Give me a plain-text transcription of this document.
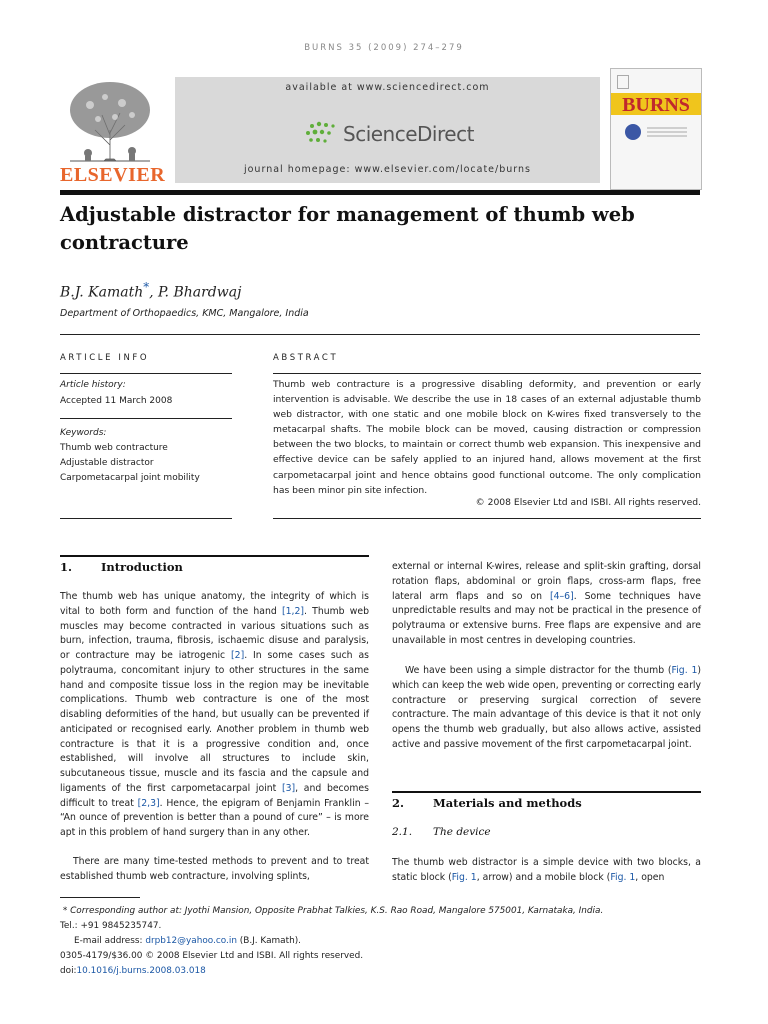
BURNS 35 (2009) 274–279
ELSEVIER
available at www.sciencedirect.com
ScienceDirect
journal homepage: www.elsevier.com/locate/burns
BURNS
Adjustable distractor for management of thumb web contracture
B.J. Kamath*, P. Bhardwaj
Department of Orthopaedics, KMC, Mangalore, India
ARTICLE INFO
Article history:
Accepted 11 March 2008
Keywords:
Thumb web contracture
Adjustable distractor
Carpometacarpal joint mobility
ABSTRACT
Thumb web contracture is a progressive disabling deformity, and prevention or early intervention is advisable. We describe the use in 18 cases of an external adjustable thumb web distractor, with one static and one mobile block on K-wires fixed transversely to the metacarpal shafts. The mobile block can be moved, causing distraction or compression between the two blocks, to maintain or correct thumb web expansion. This inexpensive and effective device can be safely applied to an injured hand, allows movement at the first carpometacarpal joint and hence obtains good functional outcome. The only complication has been minor pin site infection.
© 2008 Elsevier Ltd and ISBI. All rights reserved.
1.	Introduction
The thumb web has unique anatomy, the integrity of which is vital to both form and function of the hand [1,2]. Thumb web muscles may become contracted in various situations such as burn, infection, trauma, fibrosis, ischaemic disuse and paralysis, or contracture may be iatrogenic [2]. In some cases such as polytrauma, concomitant injury to other structures in the same hand and composite tissue loss in the region may be inevitable complications. Thumb web contracture is one of the most disabling deformities of the hand, but usually can be prevented if anticipated or recognised early. Another problem in thumb web contracture is that it is a progressive condition and, once established, will involve all structures to include skin, subcutaneous tissue, muscle and its fascia and the capsule and ligaments of the first carpometacarpal joint [3], and becomes difficult to treat [2,3]. Hence, the epigram of Benjamin Franklin – “An ounce of prevention is better than a pound of cure” – is more apt in this problem of hand surgery than in any other.
There are many time-tested methods to prevent and to treat established thumb web contracture, involving splints,
external or internal K-wires, release and split-skin grafting, dorsal rotation flaps, abdominal or groin flaps, cross-arm flaps, free lateral arm flaps and so on [4–6]. Some techniques have unpredictable results and may not be practical in the presence of polytrauma or extensive burns. Free flaps are expensive and are unavailable in most centres in developing countries.
We have been using a simple distractor for the thumb (Fig. 1) which can keep the web wide open, preventing or correcting early contracture or preserving surgical correction of severe contracture. The main advantage of this device is that it not only opens the thumb web gradually, but also allows active, assisted active and passive movement of the first carpometacarpal joint.
2.	Materials and methods
2.1. The device
The thumb web distractor is a simple device with two blocks, a static block (Fig. 1, arrow) and a mobile block (Fig. 1, open
* Corresponding author at: Jyothi Mansion, Opposite Prabhat Talkies, K.S. Rao Road, Mangalore 575001, Karnataka, India.
Tel.: +91 9845235747.
E-mail address: drpb12@yahoo.co.in (B.J. Kamath).
0305-4179/$36.00 © 2008 Elsevier Ltd and ISBI. All rights reserved.
doi:10.1016/j.burns.2008.03.018
